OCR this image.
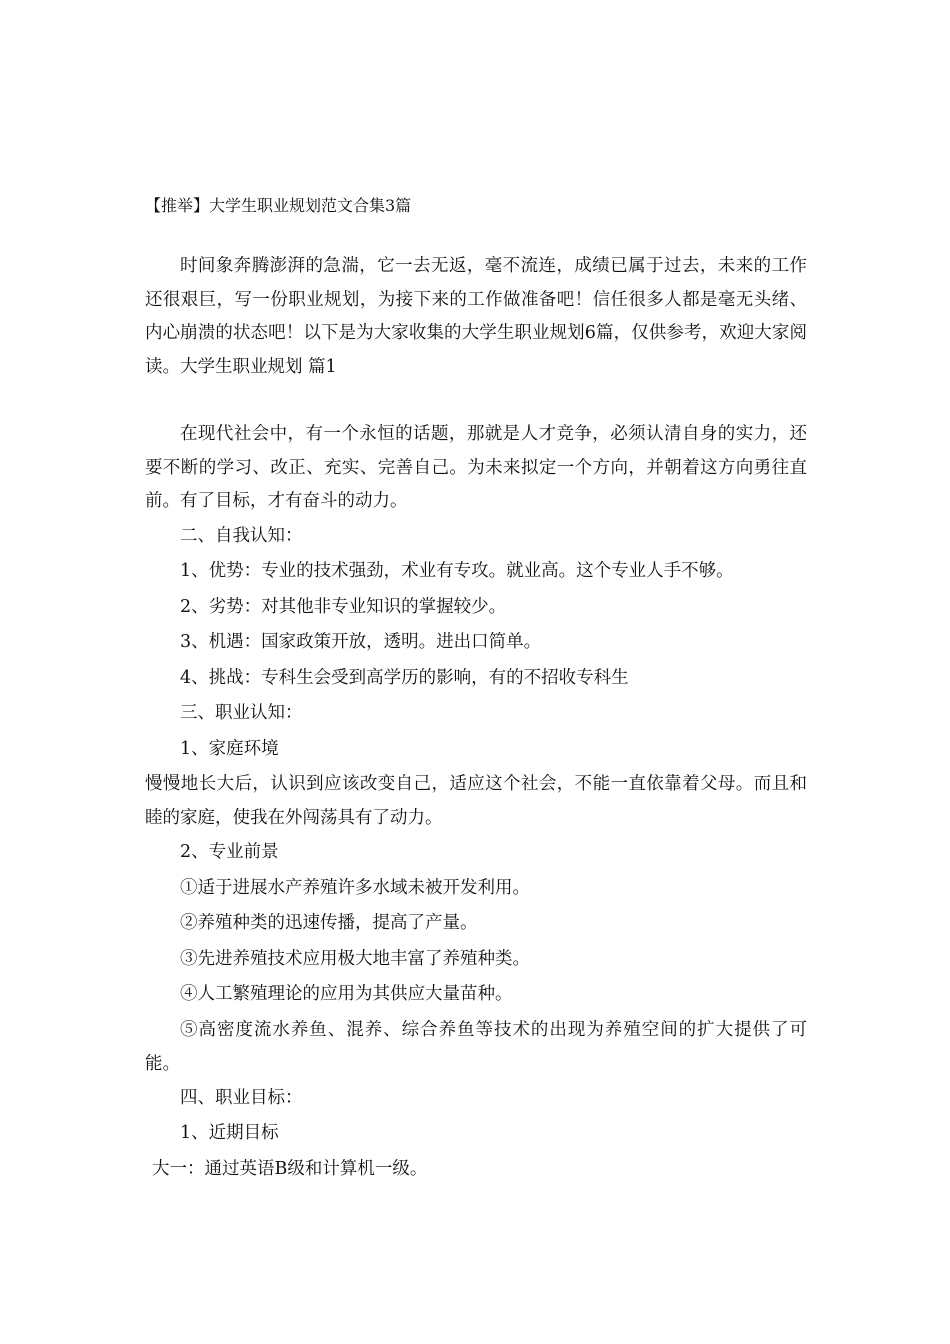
【推举】大学生职业规划范文合集3篇

时间象奔腾澎湃的急湍，它一去无返，毫不流连，成绩已属于过去，未来的工作还很艰巨，写一份职业规划，为接下来的工作做准备吧！信任很多人都是毫无头绪、内心崩溃的状态吧！以下是为大家收集的大学生职业规划6篇，仅供参考，欢迎大家阅读。大学生职业规划 篇1

在现代社会中，有一个永恒的话题，那就是人才竞争，必须认清自身的实力，还要不断的学习、改正、充实、完善自己。为未来拟定一个方向，并朝着这方向勇往直前。有了目标，才有奋斗的动力。

二、自我认知：

1、优势：专业的技术强劲，术业有专攻。就业高。这个专业人手不够。

2、劣势：对其他非专业知识的掌握较少。

3、机遇：国家政策开放，透明。进出口简单。

4、挑战：专科生会受到高学历的影响，有的不招收专科生

三、职业认知：

1、家庭环境

慢慢地长大后，认识到应该改变自己，适应这个社会，不能一直依靠着父母。而且和睦的家庭，使我在外闯荡具有了动力。

2、专业前景

①适于进展水产养殖许多水域未被开发利用。

②养殖种类的迅速传播，提高了产量。

③先进养殖技术应用极大地丰富了养殖种类。

④人工繁殖理论的应用为其供应大量苗种。

⑤高密度流水养鱼、混养、综合养鱼等技术的出现为养殖空间的扩大提供了可能。

四、职业目标：

1、近期目标

大一：通过英语B级和计算机一级。
